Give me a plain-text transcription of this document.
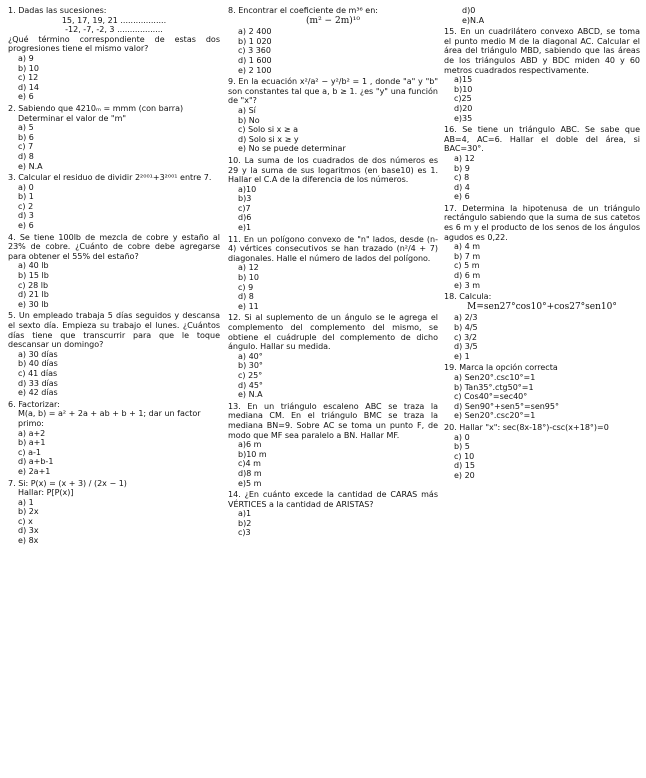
1. Dadas las sucesiones:
15, 17, 19, 21 ..................
-12, -7, -2, 3 ..................
¿Qué término correspondiente de estas dos progresiones tiene el mismo valor?
a) 9
b) 10
c) 12
d) 14
e) 6
2. Sabiendo que 4210ₘ = mmm (con barra)
Determinar el valor de "m"
a) 5
b) 6
c) 7
d) 8
e) N.A
3. Calcular el residuo de dividir 2²⁰⁰¹+3²⁰⁰¹ entre 7.
a) 0
b) 1
c) 2
d) 3
e) 6
4. Se tiene 100lb de mezcla de cobre y estaño al 23% de cobre. ¿Cuánto de cobre debe agregarse para obtener el 55% del estaño?
a) 40 lb
b) 15 lb
c) 28 lb
d) 21 lb
e) 30 lb
5. Un empleado trabaja 5 días seguidos y descansa el sexto día. Empieza su trabajo el lunes. ¿Cuántos días tiene que transcurrir para que le toque descansar un domingo?
a) 30 días
b) 40 días
c) 41 días
d) 33 días
e) 42 días
6. Factorizar:
M(a, b) = a² + 2a + ab + b + 1; dar un factor primo:
a) a+2
b) a+1
c) a-1
d) a+b-1
e) 2a+1
7. Si: P(x) = (x + 3) / (2x − 1)
Hallar: P[P(x)]
a) 1
b) 2x
c) x
d) 3x
e) 8x
8. Encontrar el coeficiente de m³⁶ en:
(m² − 2m)¹⁰
a) 2 400
b) 1 020
c) 3 360
d) 1 600
e) 2 100
9. En la ecuación x²/a² − y²/b² = 1 , donde "a" y "b" son constantes tal que a, b ≥ 1. ¿es "y" una función de "x"?
a) Sí
b) No
c) Solo si x ≥ a
d) Solo si x ≥ y
e) No se puede determinar
10. La suma de los cuadrados de dos números es 29 y la suma de sus logaritmos (en base10) es 1. Hallar el C.A de la diferencia de los números.
a)10
b)3
c)7
d)6
e)1
11. En un polígono convexo de "n" lados, desde (n- 4) vértices consecutivos se han trazado (n²/4 + 7) diagonales. Halle el número de lados del polígono.
a) 12
b) 10
c) 9
d) 8
e) 11
12. Si al suplemento de un ángulo se le agrega el complemento del complemento del mismo, se obtiene el cuádruple del complemento de dicho ángulo. Hallar su medida.
a) 40°
b) 30°
c) 25°
d) 45°
e) N.A
13. En un triángulo escaleno ABC se traza la mediana CM. En el triángulo BMC se traza la mediana BN=9. Sobre AC se toma un punto F, de modo que MF sea paralelo a BN. Hallar MF.
a)6 m
b)10 m
c)4 m
d)8 m
e)5 m
14. ¿En cuánto excede la cantidad de CARAS más VÉRTICES a la cantidad de ARISTAS?
a)1
b)2
c)3
d)0
e)N.A
15. En un cuadrilátero convexo ABCD, se toma el punto medio M de la diagonal AC. Calcular el área del triángulo MBD, sabiendo que las áreas de los triángulos ABD y BDC miden 40 y 60 metros cuadrados respectivamente.
a)15
b)10
c)25
d)20
e)35
16. Se tiene un triángulo ABC. Se sabe que AB=4, AC=6. Hallar el doble del área, si BAC=30°.
a) 12
b) 9
c) 8
d) 4
e) 6
17. Determina la hipotenusa de un triángulo rectángulo sabiendo que la suma de sus catetos es 6 m y el producto de los senos de los ángulos agudos es 0,22.
a) 4 m
b) 7 m
c) 5 m
d) 6 m
e) 3 m
18. Calcula:
M=sen27°cos10°+cos27°sen10°
a) 2/3
b) 4/5
c) 3/2
d) 3/5
e) 1
19. Marca la opción correcta
a) Sen20°.csc10°=1
b) Tan35°.ctg50°=1
c) Cos40°=sec40°
d) Sen90°+sen5°=sen95°
e) Sen20°.csc20°=1
20. Hallar "x": sec(8x-18°)-csc(x+18°)=0
a) 0
b) 5
c) 10
d) 15
e) 20
